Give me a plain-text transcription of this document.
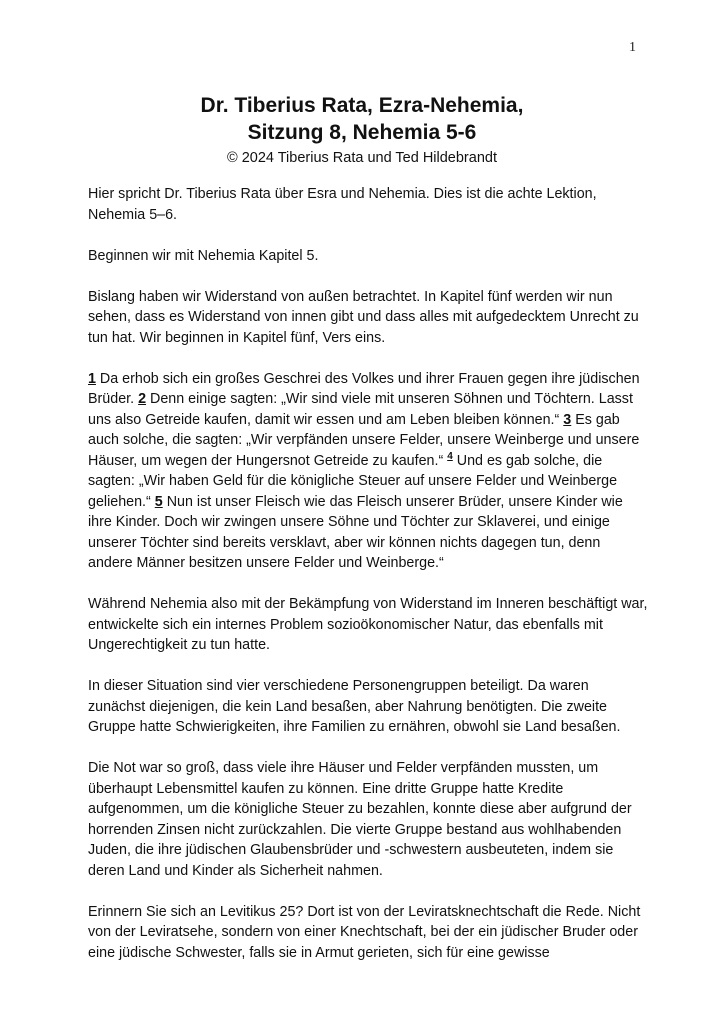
1
Dr. Tiberius Rata, Ezra-Nehemia,
Sitzung 8, Nehemia 5-6
© 2024 Tiberius Rata und Ted Hildebrandt

Hier spricht Dr. Tiberius Rata über Esra und Nehemia. Dies ist die achte Lektion, Nehemia 5–6.

Beginnen wir mit Nehemia Kapitel 5.

Bislang haben wir Widerstand von außen betrachtet. In Kapitel fünf werden wir nun sehen, dass es Widerstand von innen gibt und dass alles mit aufgedecktem Unrecht zu tun hat. Wir beginnen in Kapitel fünf, Vers eins.

1 Da erhob sich ein großes Geschrei des Volkes und ihrer Frauen gegen ihre jüdischen Brüder. 2 Denn einige sagten: „Wir sind viele mit unseren Söhnen und Töchtern. Lasst uns also Getreide kaufen, damit wir essen und am Leben bleiben können.“ 3 Es gab auch solche, die sagten: „Wir verpfänden unsere Felder, unsere Weinberge und unsere Häuser, um wegen der Hungersnot Getreide zu kaufen.“ $^4$ Und es gab solche, die sagten: „Wir haben Geld für die königliche Steuer auf unsere Felder und Weinberge geliehen.“ 5 Nun ist unser Fleisch wie das Fleisch unserer Brüder, unsere Kinder wie ihre Kinder. Doch wir zwingen unsere Söhne und Töchter zur Sklaverei, und einige unserer Töchter sind bereits versklavt, aber wir können nichts dagegen tun, denn andere Männer besitzen unsere Felder und Weinberge.“

Während Nehemia also mit der Bekämpfung von Widerstand im Inneren beschäftigt war, entwickelte sich ein internes Problem sozioökonomischer Natur, das ebenfalls mit Ungerechtigkeit zu tun hatte.

In dieser Situation sind vier verschiedene Personengruppen beteiligt. Da waren zunächst diejenigen, die kein Land besaßen, aber Nahrung benötigten. Die zweite Gruppe hatte Schwierigkeiten, ihre Familien zu ernähren, obwohl sie Land besaßen.

Die Not war so groß, dass viele ihre Häuser und Felder verpfänden mussten, um überhaupt Lebensmittel kaufen zu können. Eine dritte Gruppe hatte Kredite aufgenommen, um die königliche Steuer zu bezahlen, konnte diese aber aufgrund der horrenden Zinsen nicht zurückzahlen. Die vierte Gruppe bestand aus wohlhabenden Juden, die ihre jüdischen Glaubensbrüder und -schwestern ausbeuteten, indem sie deren Land und Kinder als Sicherheit nahmen.

Erinnern Sie sich an Levitikus 25? Dort ist von der Leviratsknechtschaft die Rede. Nicht von der Leviratsehe, sondern von einer Knechtschaft, bei der ein jüdischer Bruder oder eine jüdische Schwester, falls sie in Armut gerieten, sich für eine gewisse
